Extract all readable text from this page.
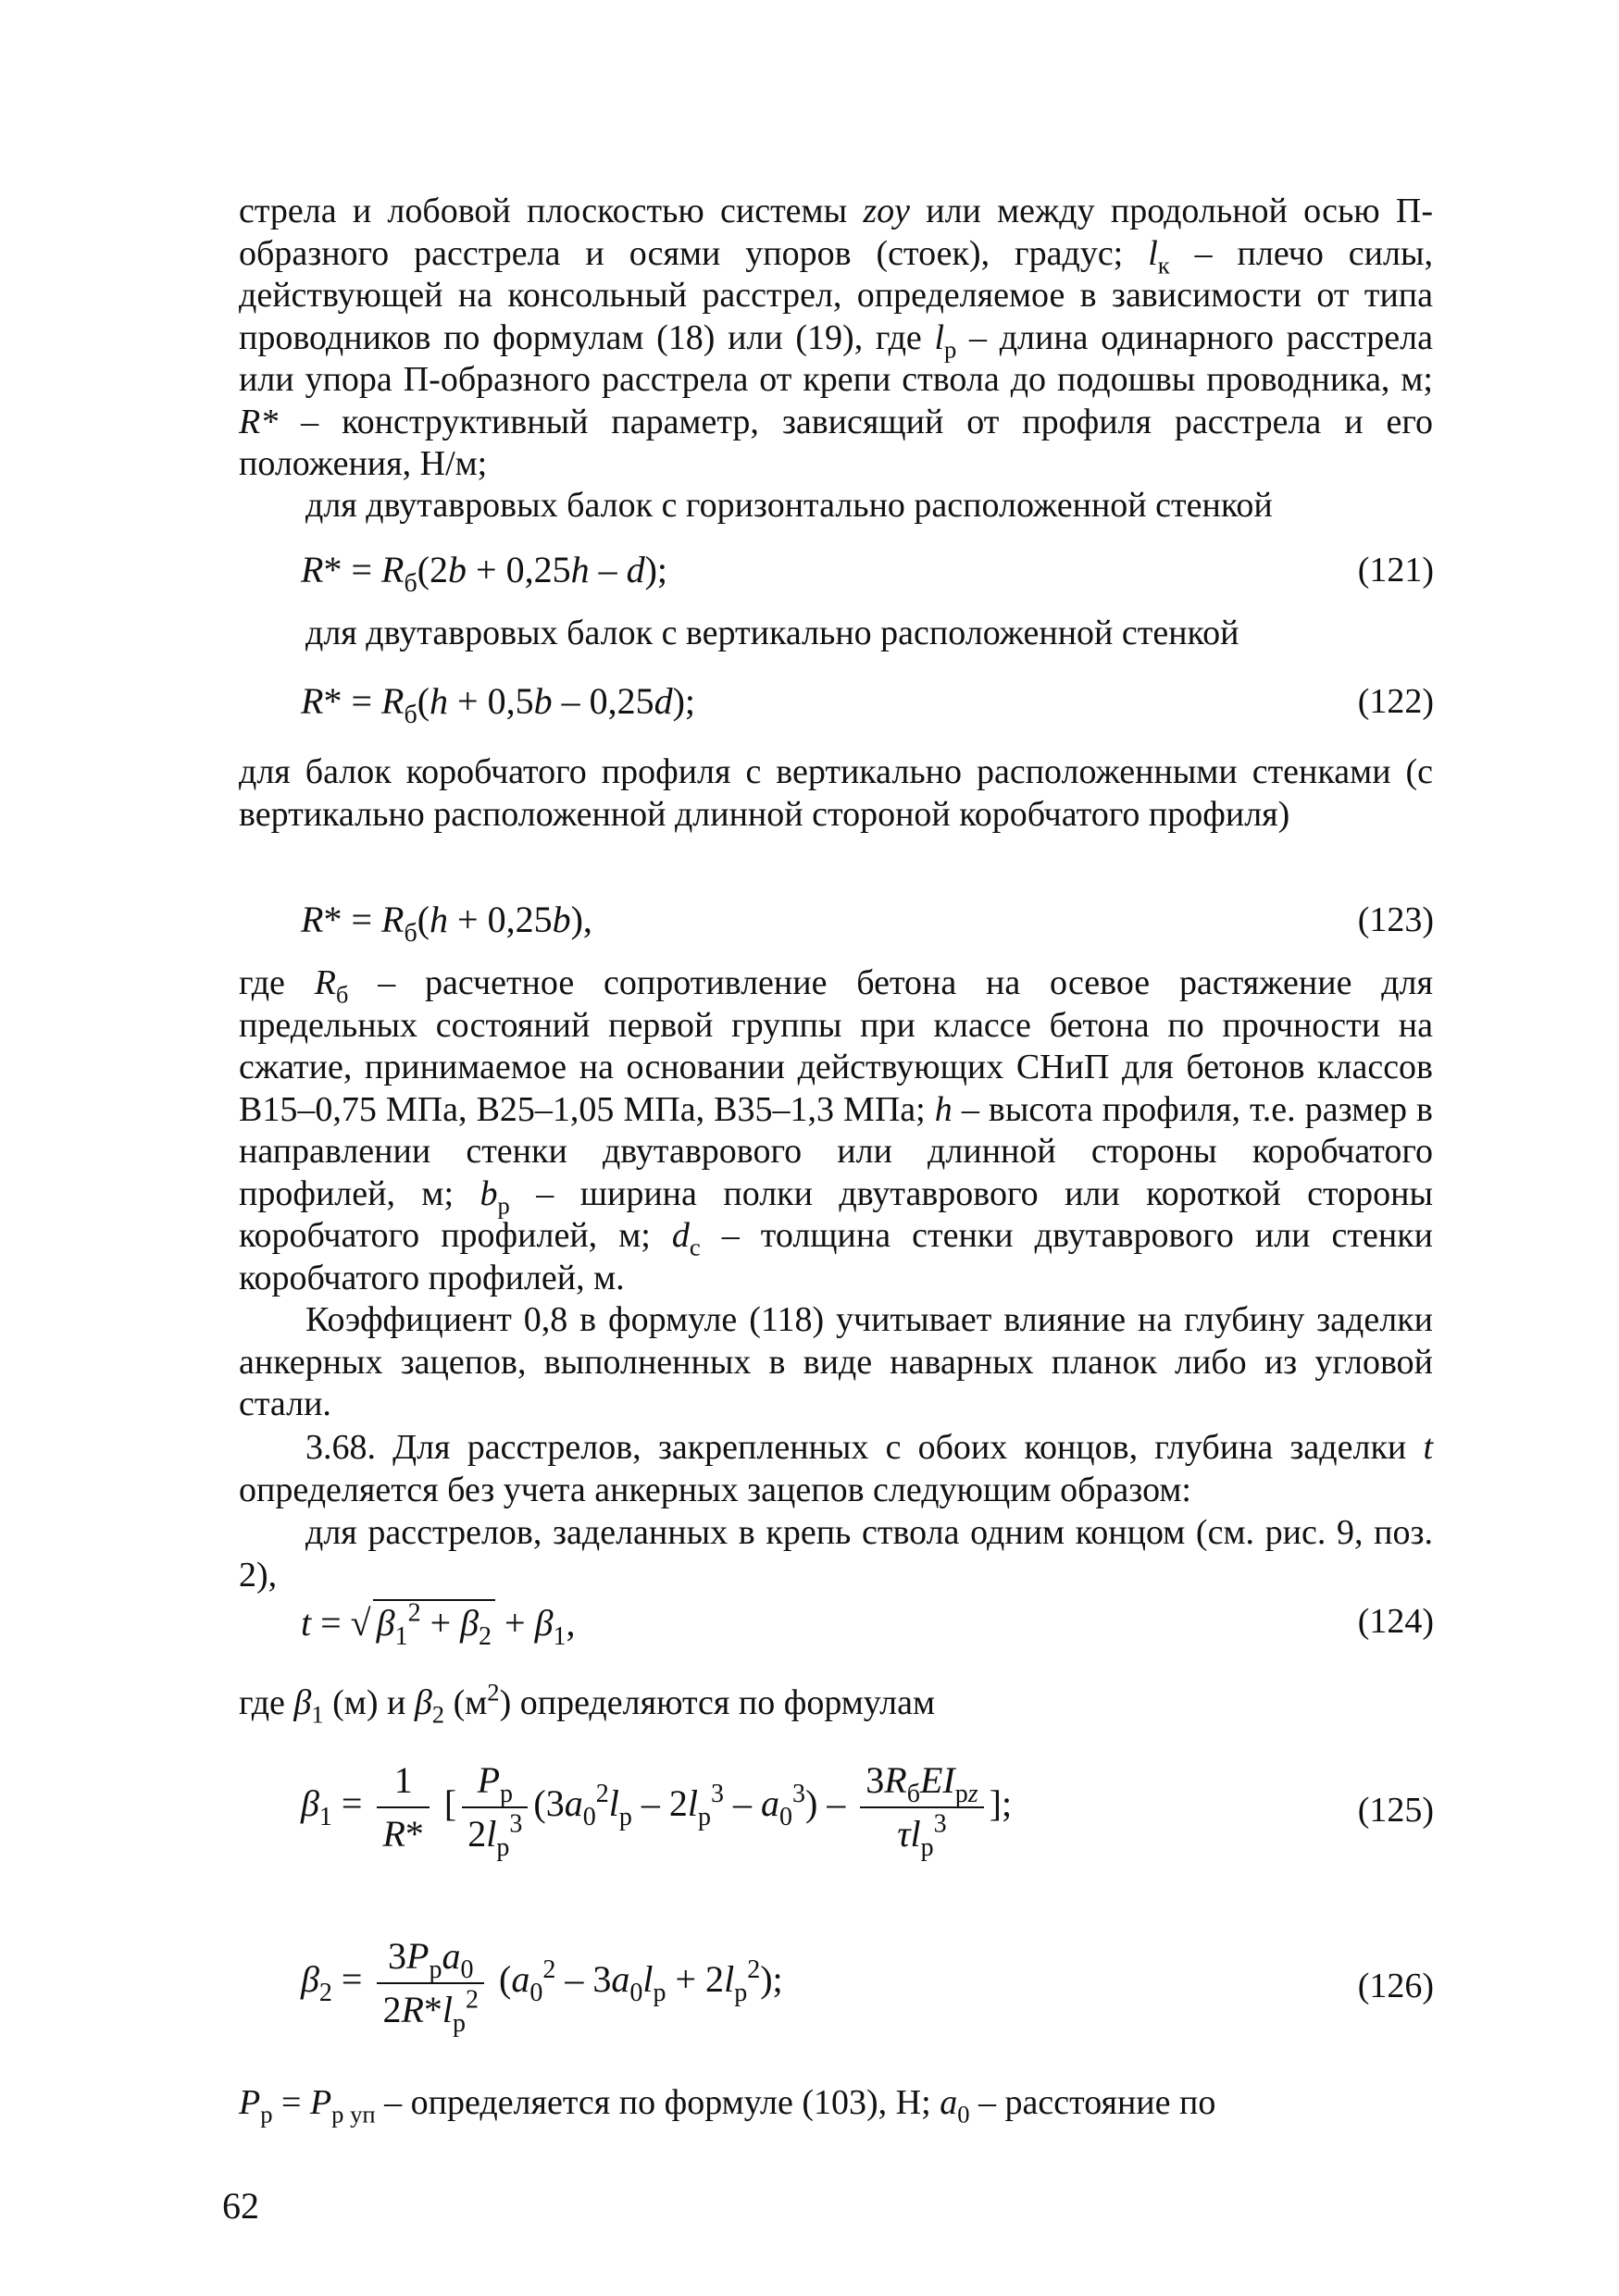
стрела и лобовой плоскостью системы zoy или между продольной осью П-образного расстрела и осями упоров (стоек), градус; $l_к$ – плечо силы, действующей на консольный расстрел, определяемое в зависимости от типа проводников по формулам (18) или (19), где $l_р$ – длина одинарного расстрела или упора П-образного расстрела от крепи ствола до подошвы проводника, м; R* – конструктивный параметр, зависящий от профиля расстрела и его положения, Н/м;

для двутавровых балок с горизонтально расположенной стенкой

$R* = R_б(2b + 0,25h - d)$;	(121)

для двутавровых балок с вертикально расположенной стенкой

$R* = R_б(h + 0,5b - 0,25d)$;	(122)

для балок коробчатого профиля с вертикально расположенными стенками (с вертикально расположенной длинной стороной коробчатого профиля)

$R* = R_б(h + 0,25b)$,	(123)

где $R_б$ – расчетное сопротивление бетона на осевое растяжение для предельных состояний первой группы при классе бетона по прочности на сжатие, принимаемое на основании действующих СНиП для бетонов классов В15–0,75 МПа, В25–1,05 МПа, В35–1,3 МПа; h – высота профиля, т.е. размер в направлении стенки двутаврового или длинной стороны коробчатого профилей, м; $b_р$ – ширина полки двутаврового или короткой стороны коробчатого профилей, м; $d_с$ – толщина стенки двутаврового или стенки коробчатого профилей, м.

Коэффициент 0,8 в формуле (118) учитывает влияние на глубину заделки анкерных зацепов, выполненных в виде наварных планок либо из угловой стали.

3.68. Для расстрелов, закрепленных с обоих концов, глубина заделки t определяется без учета анкерных зацепов следующим образом:

для расстрелов, заделанных в крепь ствола одним концом (см. рис. 9, поз. 2),

t = √ $\beta_1^2 + \beta_2 + \beta_1$,	(124)

где $\beta_1$ (м) и $\beta_2$ $(м^2)$ определяются по формулам

$\beta_1 = \frac{1}{R*}$ [ $\frac{P_р}{2l_р^3} (3a_0^2l_р - 2l_р^3 - a_0^3) - \frac{3R_бEI_{рz}}{\tau l_р^3}$ ];	(125)
$\beta_2 = \frac{3P_рa_0}{2R*l_р^2} (a_0^2 - 3a_0l_р + 2l_р^2)$;	(126)

$P_р = P_{р уп}$ – определяется по формуле (103), Н; $a_0$ – расстояние по

62
